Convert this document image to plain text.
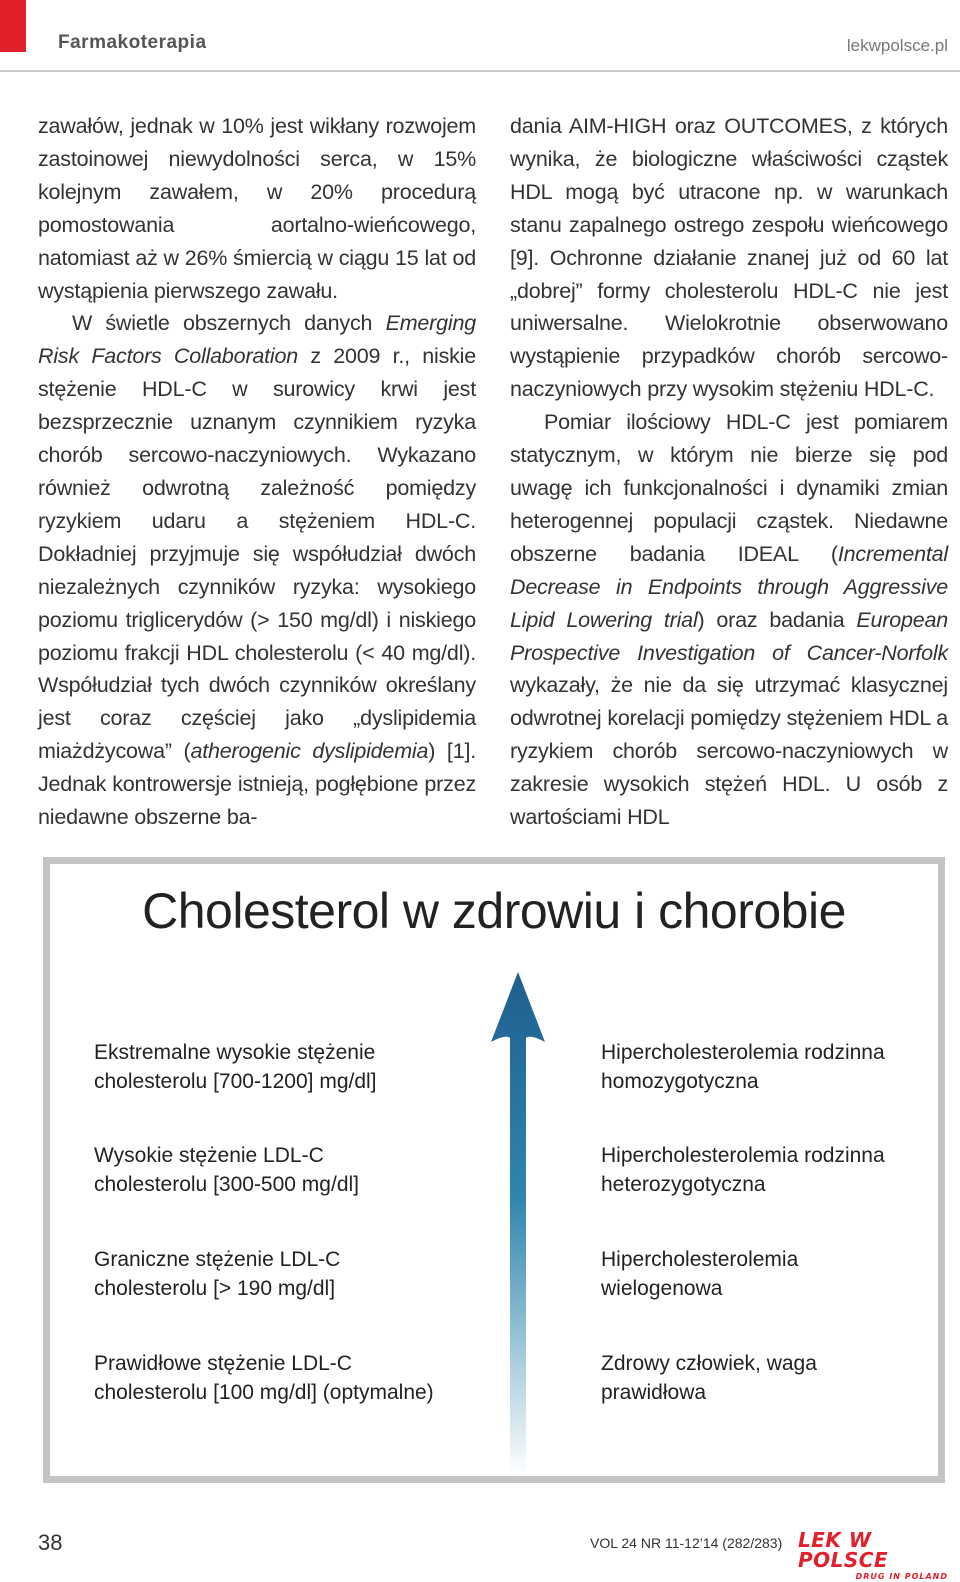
Farmakoterapia	lekwpolsce.pl

zawałów, jednak w 10% jest wikłany rozwojem zastoinowej niewydolności serca, w 15% kolejnym zawałem, w 20% procedurą pomostowania aortalno-wieńcowego, natomiast aż w 26% śmiercią w ciągu 15 lat od wystąpienia pierwszego zawału.

W świetle obszernych danych Emerging Risk Factors Collaboration z 2009 r., niskie stężenie HDL-C w surowicy krwi jest bezsprzecznie uznanym czynnikiem ryzyka chorób sercowo-naczyniowych. Wykazano również odwrotną zależność pomiędzy ryzykiem udaru a stężeniem HDL-C. Dokładniej przyjmuje się współudział dwóch niezależnych czynników ryzyka: wysokiego poziomu triglicerydów (> 150 mg/dl) i niskiego poziomu frakcji HDL cholesterolu (< 40 mg/dl). Współudział tych dwóch czynników określany jest coraz częściej jako „dyslipidemia miażdżycowa” (atherogenic dyslipidemia) [1]. Jednak kontrowersje istnieją, pogłębione przez niedawne obszerne ba-

dania AIM-HIGH oraz OUTCOMES, z których wynika, że biologiczne właściwości cząstek HDL mogą być utracone np. w warunkach stanu zapalnego ostrego zespołu wieńcowego [9]. Ochronne działanie znanej już od 60 lat „dobrej” formy cholesterolu HDL-C nie jest uniwersalne. Wielokrotnie obserwowano wystąpienie przypadków chorób sercowo-naczyniowych przy wysokim stężeniu HDL-C.

Pomiar ilościowy HDL-C jest pomiarem statycznym, w którym nie bierze się pod uwagę ich funkcjonalności i dynamiki zmian heterogennej populacji cząstek. Niedawne obszerne badania IDEAL (Incremental Decrease in Endpoints through Aggressive Lipid Lowering trial) oraz badania European Prospective Investigation of Cancer-Norfolk wykazały, że nie da się utrzymać klasycznej odwrotnej korelacji pomiędzy stężeniem HDL a ryzykiem chorób sercowo-naczyniowych w zakresie wysokich stężeń HDL. U osób z wartościami HDL

Cholesterol w zdrowiu i chorobie
Ekstremalne wysokie stężenie
cholesterolu [700-1200] mg/dl]
Wysokie stężenie LDL-C
cholesterolu [300-500 mg/dl]
Graniczne stężenie LDL-C
cholesterolu [> 190 mg/dl]
Prawidłowe stężenie LDL-C
cholesterolu [100 mg/dl] (optymalne)
Hipercholesterolemia rodzinna
homozygotyczna
Hipercholesterolemia rodzinna
heterozygotyczna
Hipercholesterolemia
wielogenowa
Zdrowy człowiek, waga
prawidłowa
38	VOL 24 NR 11-12’14 (282/283) LEK W POLSCE
DRUG IN POLAND
